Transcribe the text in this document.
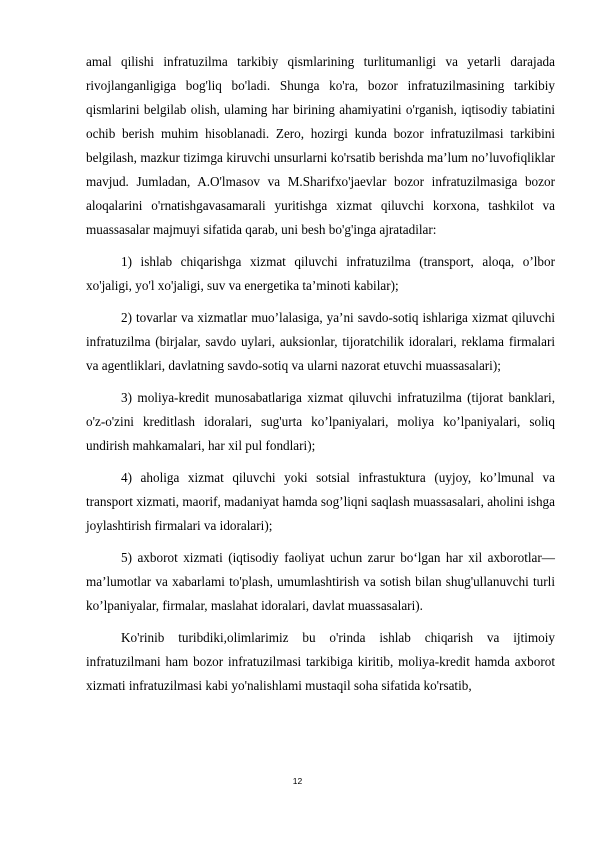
amal qilishi infratuzilma tarkibiy qismlarining turlitumanligi va yetarli darajada rivojlanganligiga bog'liq bo'ladi. Shunga ko'ra, bozor infratuzilmasining tarkibiy qismlarini belgilab olish, ulaming har birining ahamiyatini o'rganish, iqtisodiy tabiatini ochib berish muhim hisoblanadi. Zero, hozirgi kunda bozor infratuzilmasi tarkibini belgilash, mazkur tizimga kiruvchi unsurlarni ko'rsatib berishda ma’lum no’luvofiqliklar mavjud. Jumladan, A.O'lmasov va M.Sharifxo'jaevlar bozor infratuzilmasiga bozor aloqalarini o'rnatishgavasamarali yuritishga xizmat qiluvchi korxona, tashkilot va muassasalar majmuyi sifatida qarab, uni besh bo'g'inga ajratadilar:

1) ishlab chiqarishga xizmat qiluvchi infratuzilma (transport, aloqa, o’lbor xo'jaligi, yo'l xo'jaligi, suv va energetika ta’minoti kabilar);

2) tovarlar va xizmatlar muo’lalasiga, ya’ni savdo-sotiq ishlariga xizmat qiluvchi infratuzilma (birjalar, savdo uylari, auksionlar, tijoratchilik idoralari, reklama firmalari va agentliklari, davlatning savdo-sotiq va ularni nazorat etuvchi muassasalari);

3) moliya-kredit munosabatlariga xizmat qiluvchi infratuzilma (tijorat banklari, o'z-o'zini kreditlash idoralari, sug'urta ko’lpaniyalari, moliya ko’lpaniyalari, soliq undirish mahkamalari, har xil pul fondlari);

4) aholiga xizmat qiluvchi yoki sotsial infrastuktura (uyjoy, ko’lmunal va transport xizmati, maorif, madaniyat hamda sog’liqni saqlash muassasalari, aholini ishga joylashtirish firmalari va idoralari);

5) axborot xizmati (iqtisodiy faoliyat uchun zarur bo‘lgan har xil axborotlar—ma’lumotlar va xabarlami to'plash, umumlashtirish va sotish bilan shug'ullanuvchi turli ko’lpaniyalar, firmalar, maslahat idoralari, davlat muassasalari).

Ko'rinib turibdiki,olimlarimiz bu o'rinda ishlab chiqarish va ijtimoiy infratuzilmani ham bozor infratuzilmasi tarkibiga kiritib, moliya-kredit hamda axborot xizmati infratuzilmasi kabi yo'nalishlami mustaqil soha sifatida ko'rsatib,

12
